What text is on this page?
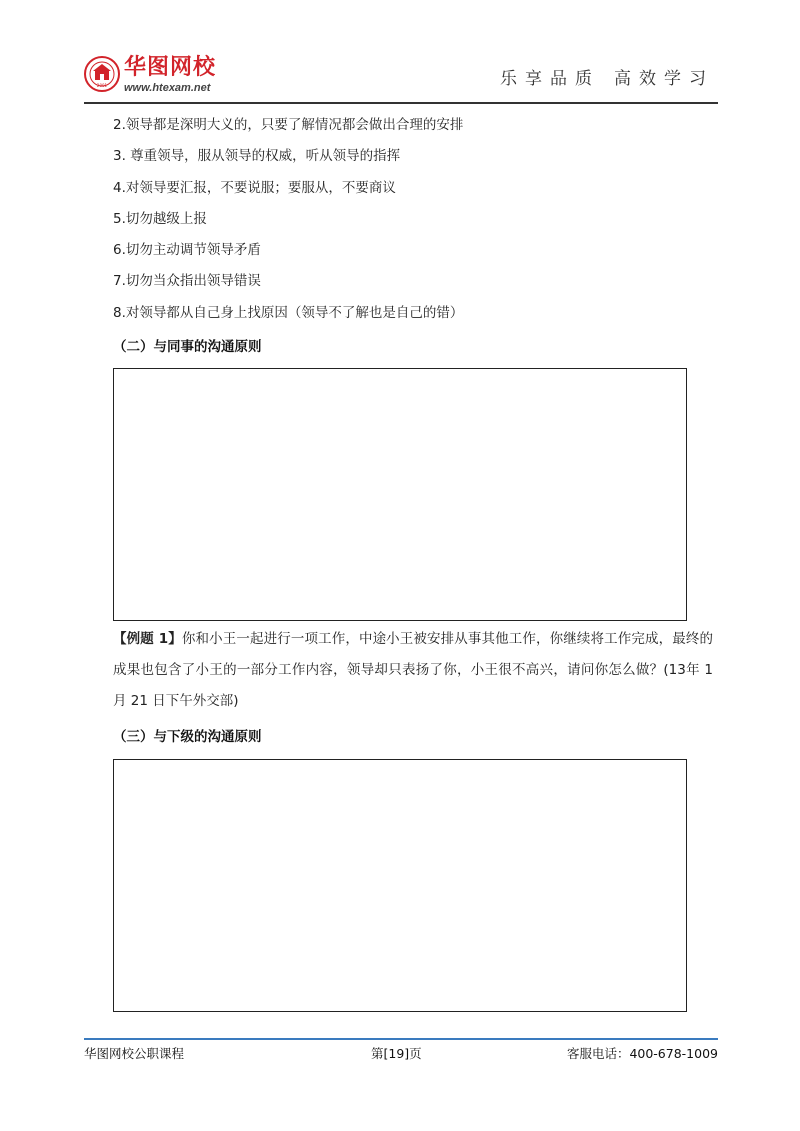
2001
华图网校
www.htexam.net	乐享品质 高效学习
2.领导都是深明大义的，只要了解情况都会做出合理的安排
3. 尊重领导，服从领导的权威，听从领导的指挥
4.对领导要汇报，不要说服；要服从，不要商议
5.切勿越级上报
6.切勿主动调节领导矛盾
7.切勿当众指出领导错误
8.对领导都从自己身上找原因（领导不了解也是自己的错）
（二）与同事的沟通原则
【例题 1】你和小王一起进行一项工作，中途小王被安排从事其他工作，你继续将工作完成，最终的成果也包含了小王的一部分工作内容，领导却只表扬了你，小王很不高兴，请问你怎么做？(13年 1 月 21 日下午外交部)
（三）与下级的沟通原则
华图网校公职课程	第[19]页	客服电话：400-678-1009
